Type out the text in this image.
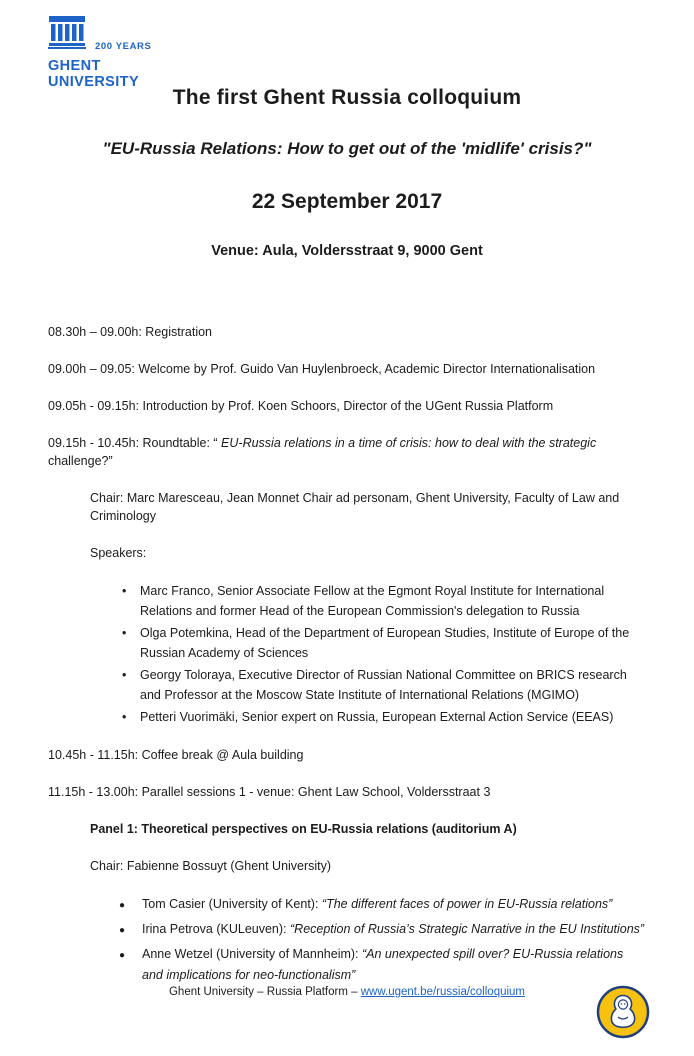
200 YEARS
GHENT
UNIVERSITY
The first Ghent Russia colloquium
"EU-Russia Relations: How to get out of the 'midlife' crisis?"
22 September 2017
Venue: Aula, Voldersstraat 9, 9000 Gent

08.30h – 09.00h: Registration

09.00h – 09.05: Welcome by Prof. Guido Van Huylenbroeck, Academic Director Internationalisation

09.05h - 09.15h: Introduction by Prof. Koen Schoors, Director of the UGent Russia Platform

09.15h - 10.45h: Roundtable: “ EU-Russia relations in a time of crisis: how to deal with the strategic challenge?”

Chair: Marc Maresceau, Jean Monnet Chair ad personam, Ghent University, Faculty of Law and Criminology

Speakers:

• Marc Franco, Senior Associate Fellow at the Egmont Royal Institute for International Relations and former Head of the European Commission's delegation to Russia
• Olga Potemkina, Head of the Department of European Studies, Institute of Europe of the Russian Academy of Sciences
• Georgy Toloraya, Executive Director of Russian National Committee on BRICS research and Professor at the Moscow State Institute of International Relations (MGIMO)
• Petteri Vuorimäki, Senior expert on Russia, European External Action Service (EEAS)

10.45h - 11.15h: Coffee break @ Aula building

11.15h - 13.00h: Parallel sessions 1 - venue: Ghent Law School, Voldersstraat 3

Panel 1: Theoretical perspectives on EU-Russia relations (auditorium A)

Chair: Fabienne Bossuyt (Ghent University)

● Tom Casier (University of Kent): “The different faces of power in EU-Russia relations”
● Irina Petrova (KULeuven): “Reception of Russia’s Strategic Narrative in the EU Institutions”
● Anne Wetzel (University of Mannheim): “An unexpected spill over? EU-Russia relations and implications for neo-functionalism”
Ghent University – Russia Platform – www.ugent.be/russia/colloquium
